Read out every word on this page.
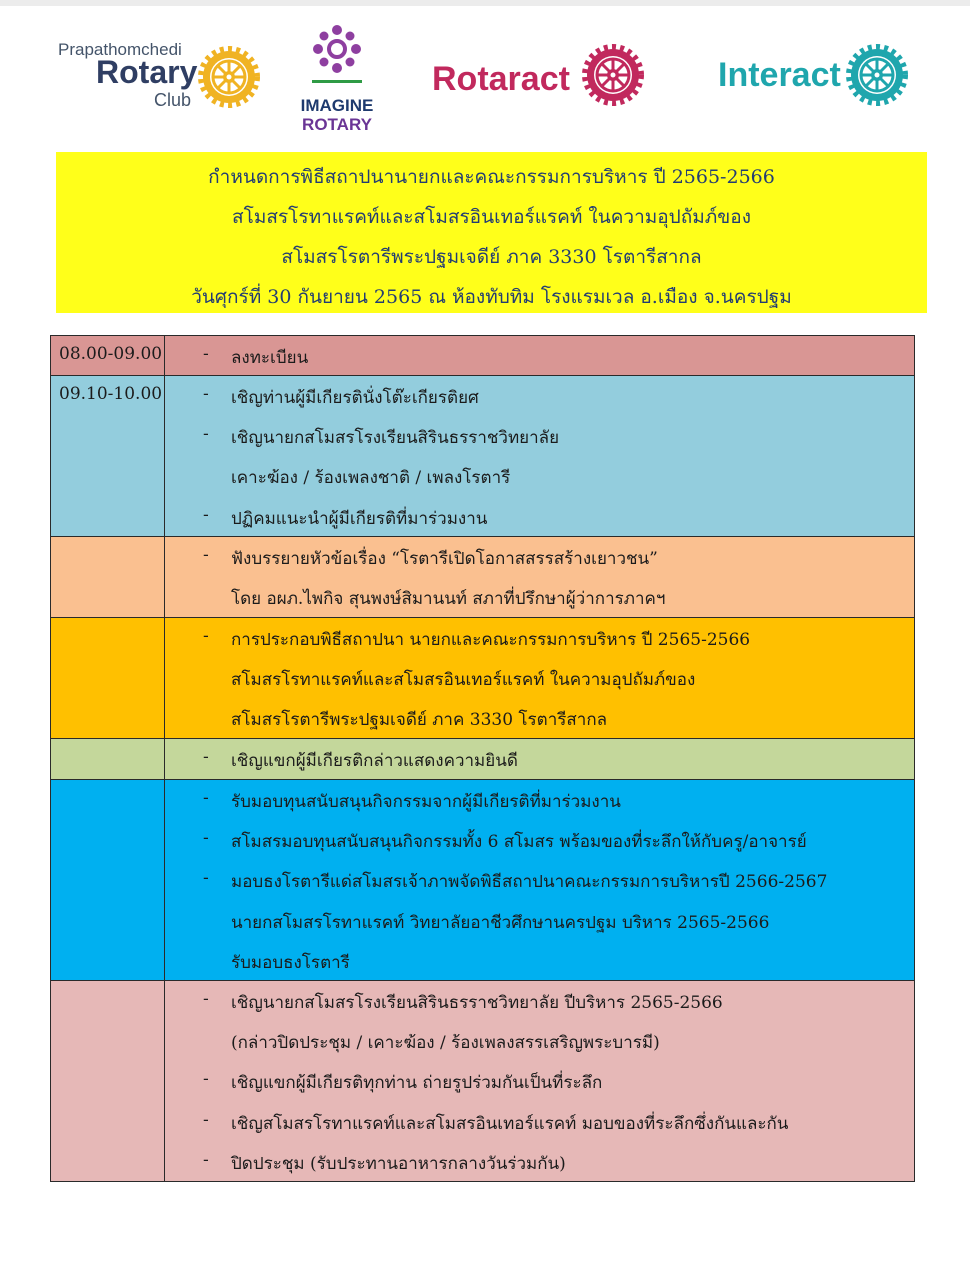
Prapathomchedi
Rotary
Club	IMAGINE
ROTARY
Rotaract	Interact
กำหนดการพิธีสถาปนานายกและคณะกรรมการบริหาร ปี 2565-2566
สโมสรโรทาแรคท์และสโมสรอินเทอร์แรคท์ ในความอุปถัมภ์ของ
สโมสรโรตารีพระปฐมเจดีย์ ภาค 3330 โรตารีสากล
วันศุกร์ที่ 30 กันยายน 2565 ณ ห้องทับทิม โรงแรมเวล อ.เมือง จ.นครปฐม
08.00-09.00 - ลงทะเบียน
09.10-10.00 - เชิญท่านผู้มีเกียรตินั่งโต๊ะเกียรติยศ
- เชิญนายกสโมสรโรงเรียนสิรินธรราชวิทยาลัย
เคาะฆ้อง / ร้องเพลงชาติ / เพลงโรตารี
- ปฏิคมแนะนำผู้มีเกียรติที่มาร่วมงาน
- ฟังบรรยายหัวข้อเรื่อง “โรตารีเปิดโอกาสสรรสร้างเยาวชน”
โดย อผภ.ไพกิจ สุนพงษ์สิมานนท์ สภาที่ปรึกษาผู้ว่าการภาคฯ
- การประกอบพิธีสถาปนา นายกและคณะกรรมการบริหาร ปี 2565-2566
สโมสรโรทาแรคท์และสโมสรอินเทอร์แรคท์ ในความอุปถัมภ์ของ
สโมสรโรตารีพระปฐมเจดีย์ ภาค 3330 โรตารีสากล
- เชิญแขกผู้มีเกียรติกล่าวแสดงความยินดี
- รับมอบทุนสนับสนุนกิจกรรมจากผู้มีเกียรติที่มาร่วมงาน
- สโมสรมอบทุนสนับสนุนกิจกรรมทั้ง 6 สโมสร พร้อมของที่ระลึกให้กับครู/อาจารย์
- มอบธงโรตารีแด่สโมสรเจ้าภาพจัดพิธีสถาปนาคณะกรรมการบริหารปี 2566-2567
นายกสโมสรโรทาแรคท์ วิทยาลัยอาชีวศึกษานครปฐม บริหาร 2565-2566
รับมอบธงโรตารี
- เชิญนายกสโมสรโรงเรียนสิรินธรราชวิทยาลัย ปีบริหาร 2565-2566
(กล่าวปิดประชุม / เคาะฆ้อง / ร้องเพลงสรรเสริญพระบารมี)
- เชิญแขกผู้มีเกียรติทุกท่าน ถ่ายรูปร่วมกันเป็นที่ระลึก
- เชิญสโมสรโรทาแรคท์และสโมสรอินเทอร์แรคท์ มอบของที่ระลึกซึ่งกันและกัน
- ปิดประชุม (รับประทานอาหารกลางวันร่วมกัน)
